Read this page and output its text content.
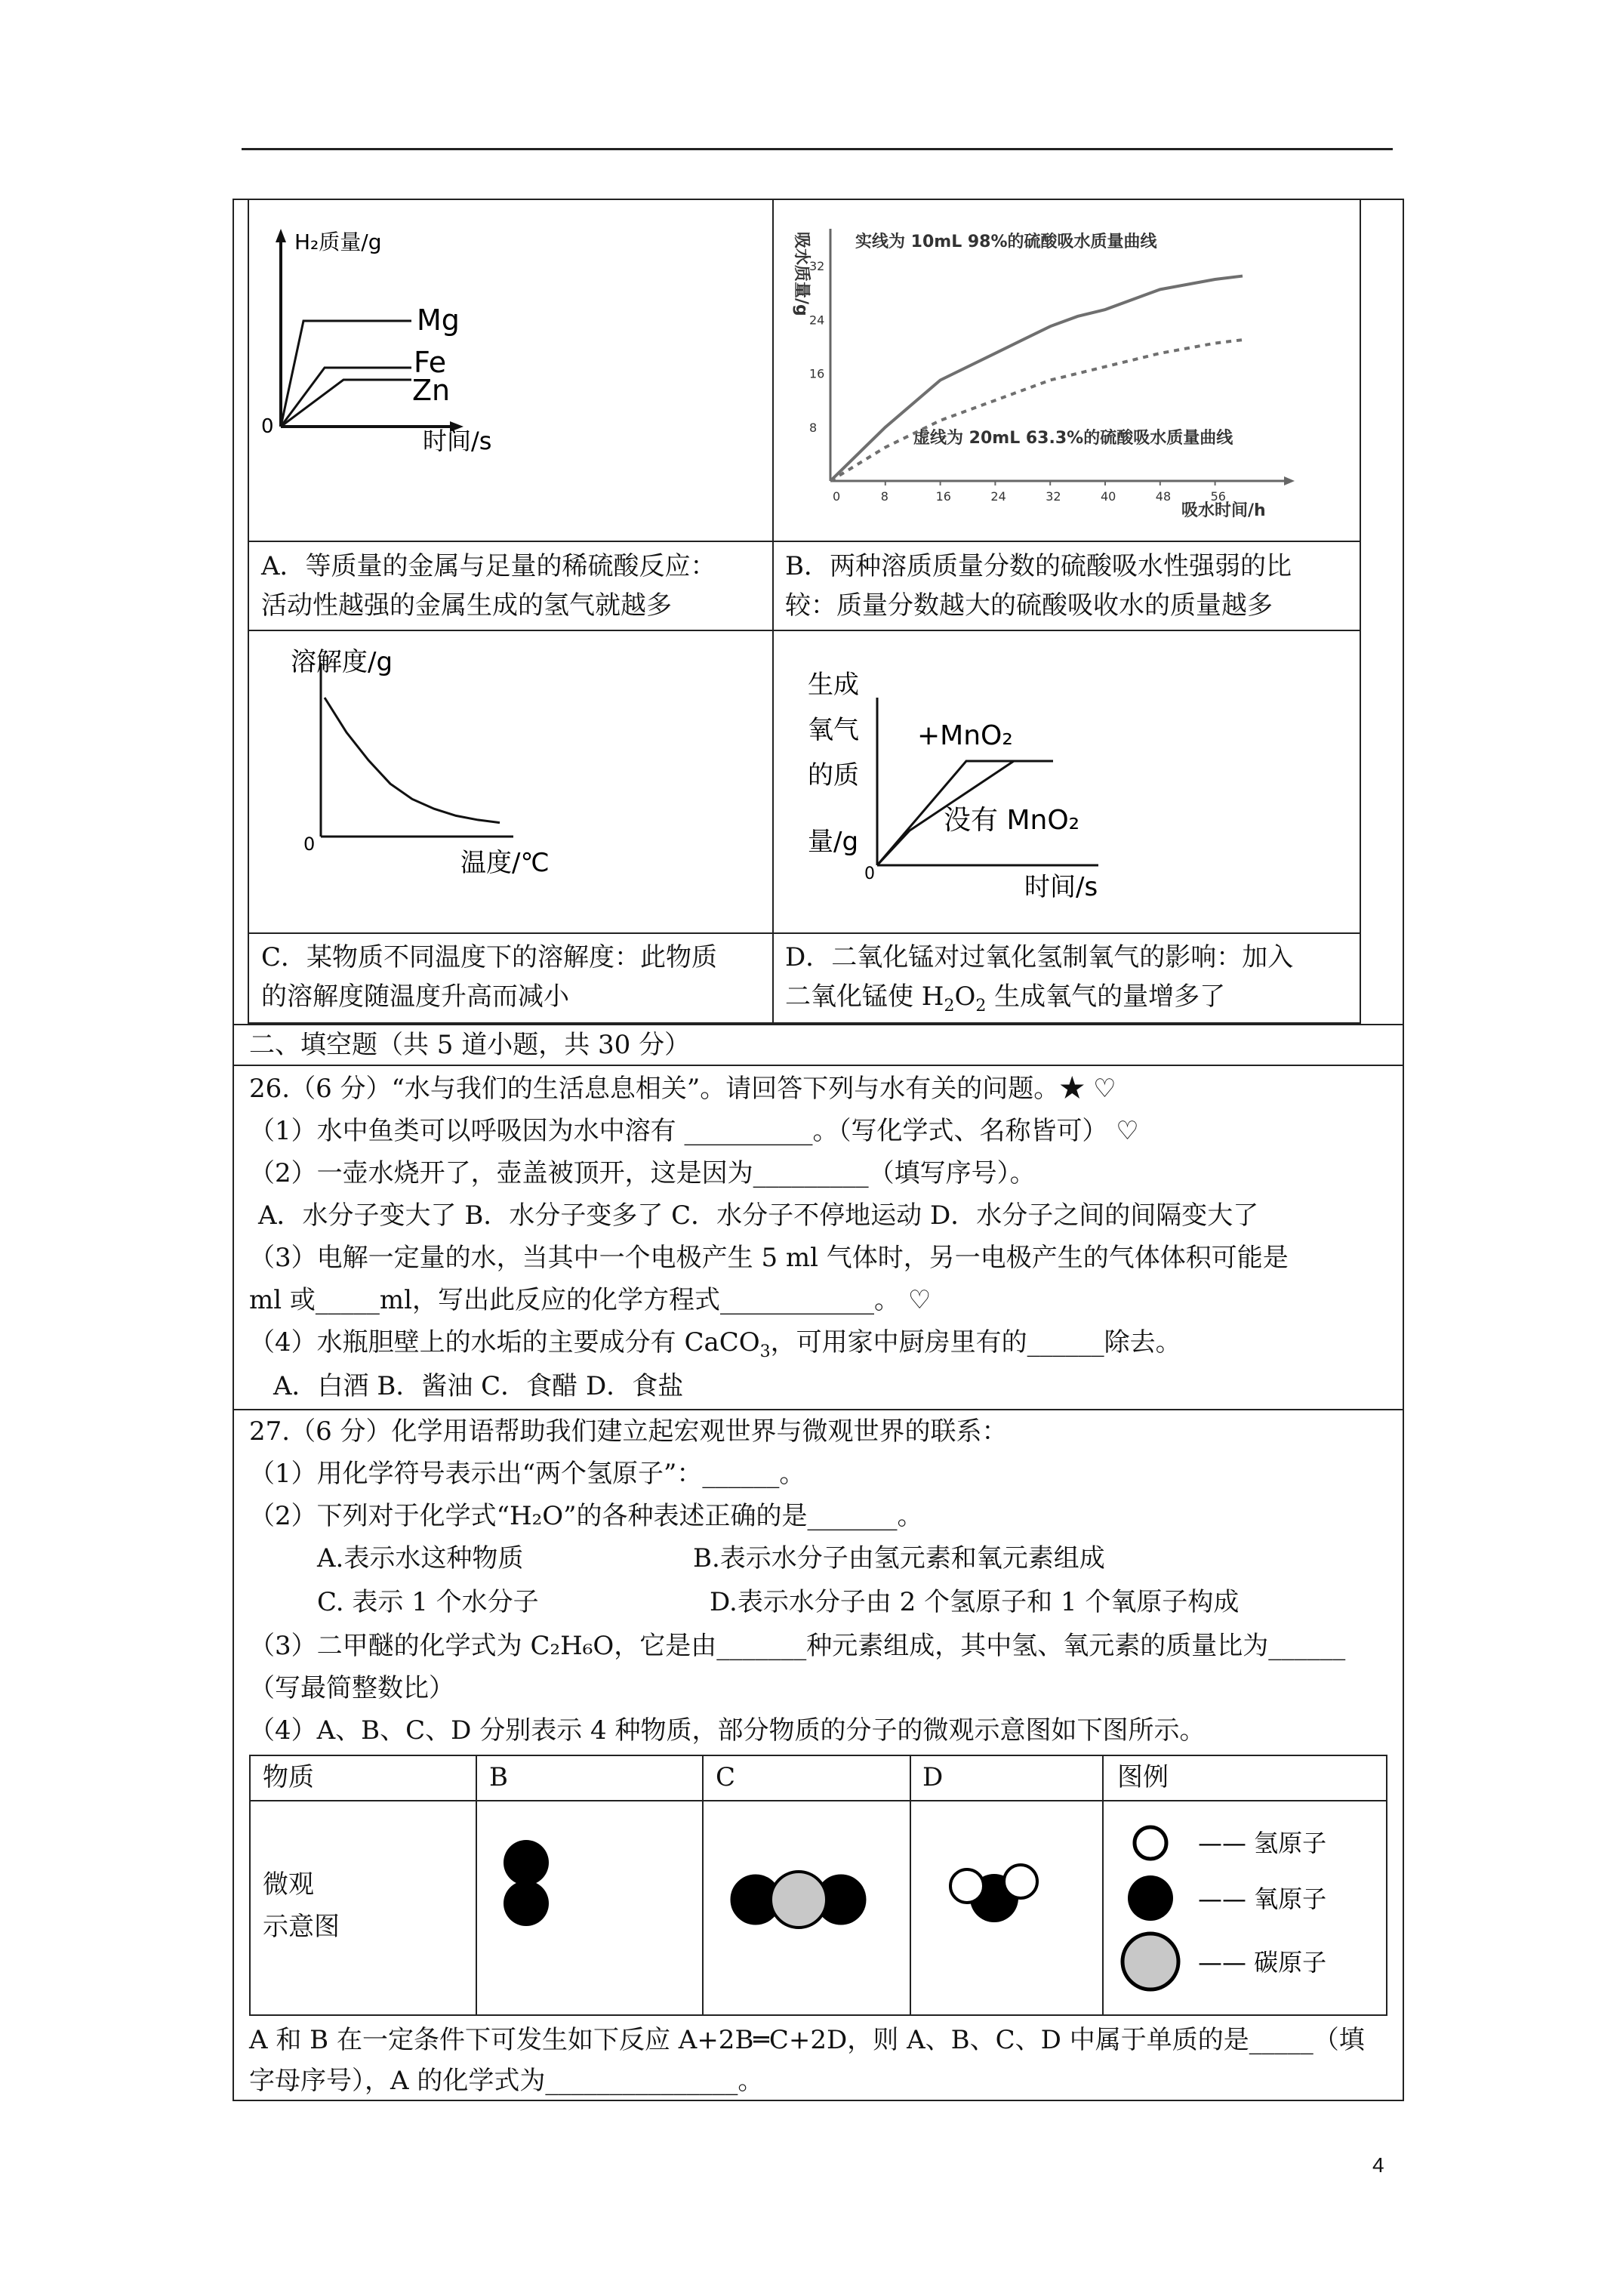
H₂质量/g
0	时间/s
Mg
Fe
Zn
吸水质量/g
0
吸水时间/h
实线为 10mL 98%的硫酸吸水质量曲线
虚线为 20mL 63.3%的硫酸吸水质量曲线
8	16	24	32	40	48	56
8
16
24
32
溶解度/g
0
温度/℃
生成
氧气
的质
量/g
0	时间/s
+MnO₂
没有 MnO₂
A．等质量的金属与足量的稀硫酸反应：
活动性越强的金属生成的氢气就越多
B．两种溶质质量分数的硫酸吸水性强弱的比
较：质量分数越大的硫酸吸收水的质量越多
C．某物质不同温度下的溶解度：此物质
的溶解度随温度升高而减小
D．二氧化锰对过氧化氢制氧气的影响：加入
二氧化锰使 $H_2O_2$ 生成氧气的量增多了
二、填空题（共 5 道小题，共 30 分）
26.（6 分）“水与我们的生活息息相关”。请回答下列与水有关的问题。★ ♡
（1）水中鱼类可以呼吸因为水中溶有 __________。（写化学式、名称皆可） ♡
（2）一壶水烧开了，壶盖被顶开，这是因为_________（填写序号）。
A．水分子变大了 B．水分子变多了 C．水分子不停地运动 D．水分子之间的间隔变大了
（3）电解一定量的水，当其中一个电极产生 5 ml 气体时，另一电极产生的气体体积可能是
ml 或_____ml，写出此反应的化学方程式____________。 ♡
（4）水瓶胆壁上的水垢的主要成分有 CaCO$_3$，可用家中厨房里有的______除去。
A．白酒 B．酱油 C．食醋 D．食盐
27.（6 分）化学用语帮助我们建立起宏观世界与微观世界的联系：
（1）用化学符号表示出“两个氢原子”：______。
（2）下列对于化学式“H₂O”的各种表述正确的是_______。
A.表示水这种物质	B.表示水分子由氢元素和氧元素组成
C. 表示 1 个水分子	D.表示水分子由 2 个氢原子和 1 个氧原子构成
（3）二甲醚的化学式为 C₂H₆O，它是由_______种元素组成，其中氢、氧元素的质量比为______
（写最简整数比）
（4）A、B、C、D 分别表示 4 种物质，部分物质的分子的微观示意图如下图所示。
物质	B	C	D	图例
微观
示意图
—— 氢原子
—— 氧原子
—— 碳原子
A 和 B 在一定条件下可发生如下反应 A+2B═C+2D，则 A、B、C、D 中属于单质的是_____（填
字母序号），A 的化学式为_______________。
4
